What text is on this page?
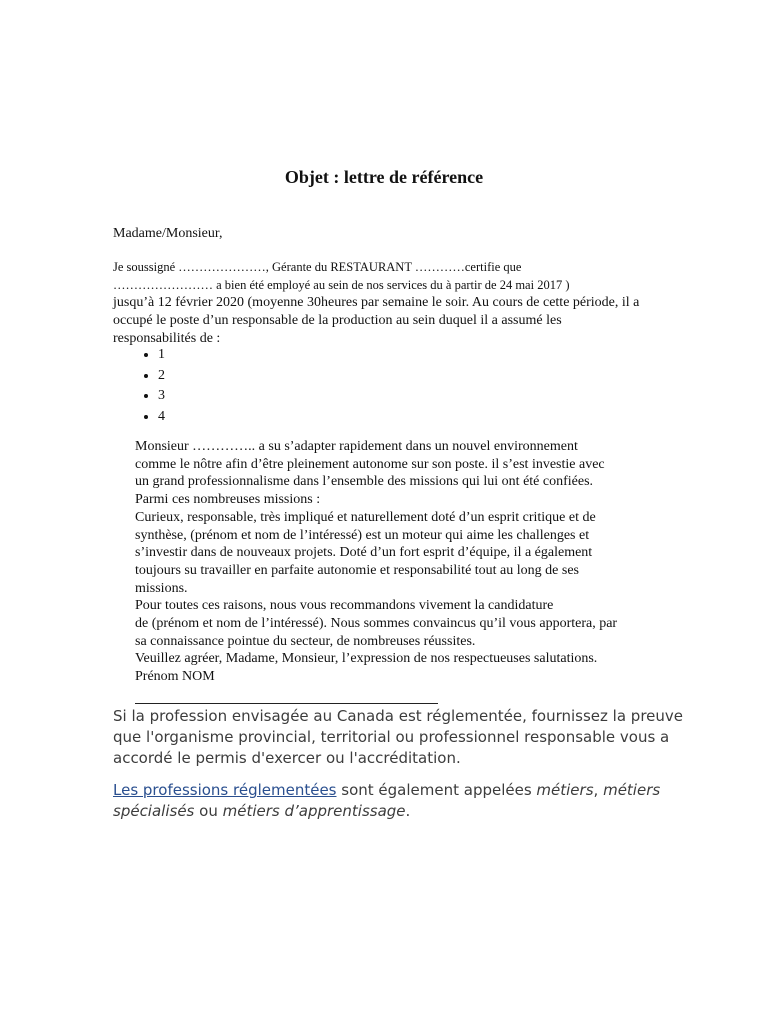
Objet : lettre de référence
Madame/Monsieur,
Je soussigné …………………, Gérante du RESTAURANT …………certifie que
…………………… a bien été employé au sein de nos services du à partir de 24 mai 2017 )
jusqu’à 12 février 2020 (moyenne 30heures par semaine le soir. Au cours de cette période, il a
occupé le poste d’un responsable de la production au sein duquel il a assumé les
responsabilités de :
• 1
• 2
• 3
• 4
Monsieur ………….. a su s’adapter rapidement dans un nouvel environnement
comme le nôtre afin d’être pleinement autonome sur son poste. il s’est investie avec
un grand professionnalisme dans l’ensemble des missions qui lui ont été confiées.
Parmi ces nombreuses missions :
Curieux, responsable, très impliqué et naturellement doté d’un esprit critique et de
synthèse, (prénom et nom de l’intéressé) est un moteur qui aime les challenges et
s’investir dans de nouveaux projets. Doté d’un fort esprit d’équipe, il a également
toujours su travailler en parfaite autonomie et responsabilité tout au long de ses
missions.
Pour toutes ces raisons, nous vous recommandons vivement la candidature
de (prénom et nom de l’intéressé). Nous sommes convaincus qu’il vous apportera, par
sa connaissance pointue du secteur, de nombreuses réussites.
Veuillez agréer, Madame, Monsieur, l’expression de nos respectueuses salutations.
Prénom NOM
Si la profession envisagée au Canada est réglementée, fournissez la preuve
que l'organisme provincial, territorial ou professionnel responsable vous a
accordé le permis d'exercer ou l'accréditation.
Les professions réglementées sont également appelées métiers, métiers
spécialisés ou métiers d’apprentissage.
